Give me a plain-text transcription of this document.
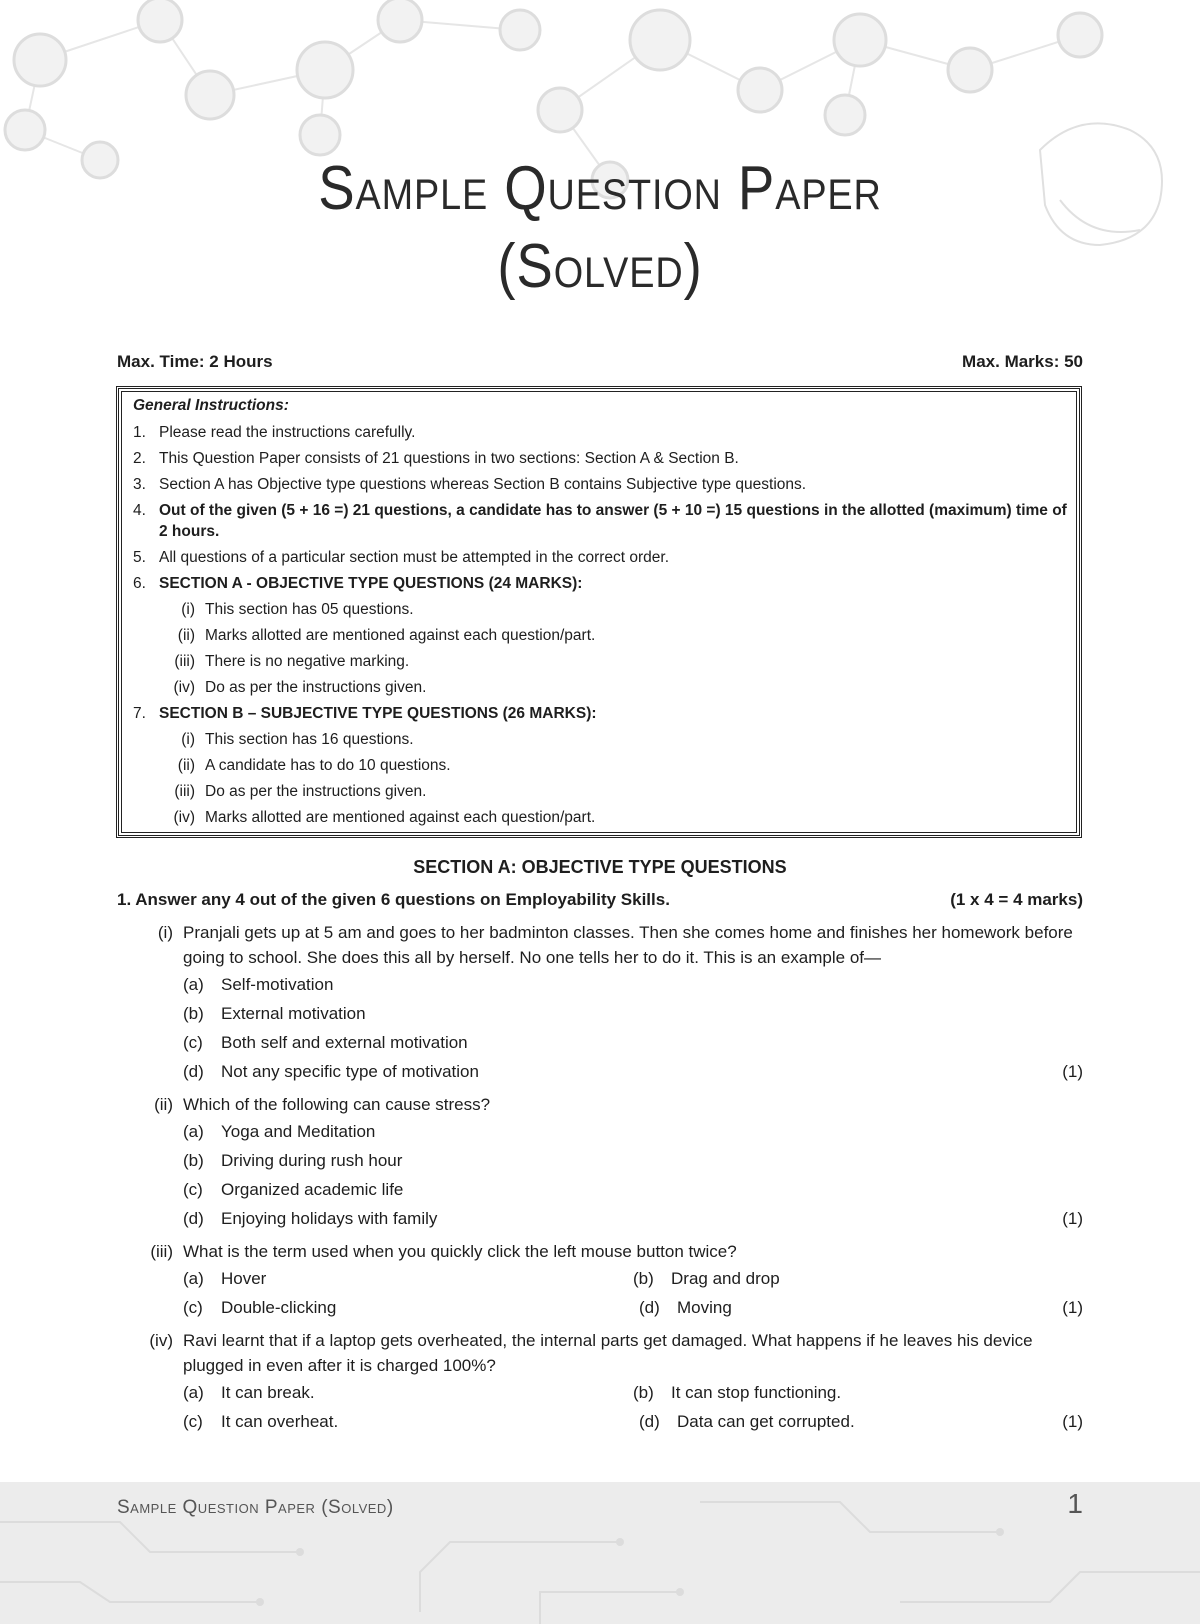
Sample Question Paper
(Solved)
Max. Time: 2 Hours	Max. Marks: 50
General Instructions:
1. Please read the instructions carefully.
2. This Question Paper consists of 21 questions in two sections: Section A & Section B.
3. Section A has Objective type questions whereas Section B contains Subjective type questions.
4. Out of the given (5 + 16 =) 21 questions, a candidate has to answer (5 + 10 =) 15 questions in the allotted (maximum) time of 2 hours.
5. All questions of a particular section must be attempted in the correct order.
6. SECTION A - OBJECTIVE TYPE QUESTIONS (24 MARKS):
(i) This section has 05 questions.
(ii) Marks allotted are mentioned against each question/part.
(iii) There is no negative marking.
(iv) Do as per the instructions given.
7. SECTION B – SUBJECTIVE TYPE QUESTIONS (26 MARKS):
(i) This section has 16 questions.
(ii) A candidate has to do 10 questions.
(iii) Do as per the instructions given.
(iv) Marks allotted are mentioned against each question/part.
SECTION A: OBJECTIVE TYPE QUESTIONS
1. Answer any 4 out of the given 6 questions on Employability Skills.	(1 x 4 = 4 marks)
(i) Pranjali gets up at 5 am and goes to her badminton classes. Then she comes home and finishes her homework before going to school. She does this all by herself. No one tells her to do it. This is an example of—
(a)	Self-motivation
(b)	External motivation
(c)	Both self and external motivation
(d)	Not any specific type of motivation	(1)
(ii) Which of the following can cause stress?
(a)	Yoga and Meditation
(b)	Driving during rush hour
(c)	Organized academic life
(d)	Enjoying holidays with family	(1)
(iii) What is the term used when you quickly click the left mouse button twice?
(a)	Hover	(b)	Drag and drop
(c)	Double-clicking	(d)	Moving	(1)
(iv) Ravi learnt that if a laptop gets overheated, the internal parts get damaged. What happens if he leaves his device plugged in even after it is charged 100%?
(a)	It can break.	(b)	It can stop functioning.
(c)	It can overheat.	(d)	Data can get corrupted.	(1)
Sample Question Paper (Solved)	1
